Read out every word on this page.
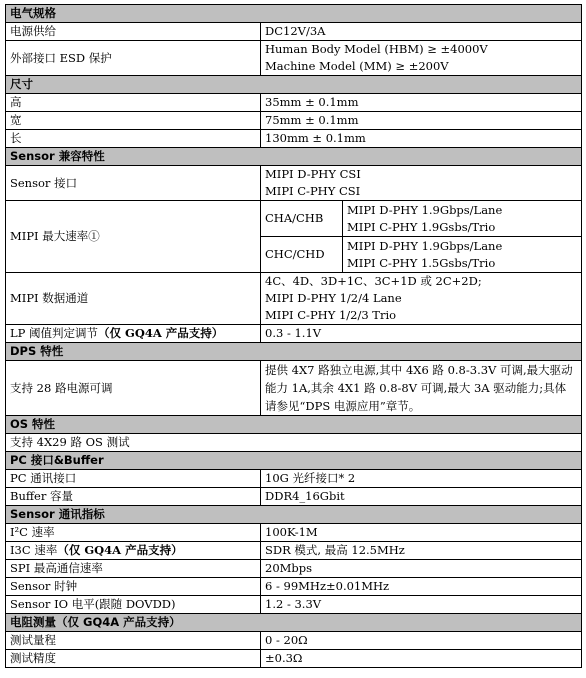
电气规格		
电源供给	DC12V/3A	
外部接口 ESD 保护	Human Body Model (HBM) ≥ ±4000V
Machine Model (MM) ≥ ±200V	

尺寸		
高	35mm ± 0.1mm	
宽	75mm ± 0.1mm	
长	130mm ± 0.1mm	
Sensor 兼容特性		
Sensor 接口	MIPI D-PHY CSI
MIPI C-PHY CSI	

MIPI 最大速率①	CHA/CHB	MIPI D-PHY 1.9Gbps/Lane
MIPI C-PHY 1.9Gsbs/Trio

	CHC/CHD	MIPI D-PHY 1.9Gbps/Lane
MIPI C-PHY 1.5Gsbs/Trio

MIPI 数据通道	4C、4D、3D+1C、3C+1D 或 2C+2D;
MIPI D-PHY 1/2/4 Lane
MIPI C-PHY 1/2/3 Trio	

LP 阈值判定调节（仅 GQ4A 产品支持）	0.3 - 1.1V	
DPS 特性		
支持 28 路电源可调	提供 4X7 路独立电源,其中 4X6 路 0.8-3.3V 可调,最大驱动能力 1A,其余 4X1 路 0.8-8V 可调,最大 3A 驱动能力;具体请参见“DPS 电源应用”章节。	
OS 特性		
支持 4X29 路 OS 测试		
PC 接口&Buffer		
PC 通讯接口	10G 光纤接口* 2	
Buffer 容量	DDR4_16Gbit	
Sensor 通讯指标		
I²C 速率	100K-1M	
I3C 速率（仅 GQ4A 产品支持）	SDR 模式, 最高 12.5MHz	
SPI 最高通信速率	20Mbps	
Sensor 时钟	6 - 99MHz±0.01MHz	
Sensor IO 电平(跟随 DOVDD)	1.2 - 3.3V	
电阻测量（仅 GQ4A 产品支持）		
测试量程	0 - 20Ω	
测试精度	±0.3Ω	
